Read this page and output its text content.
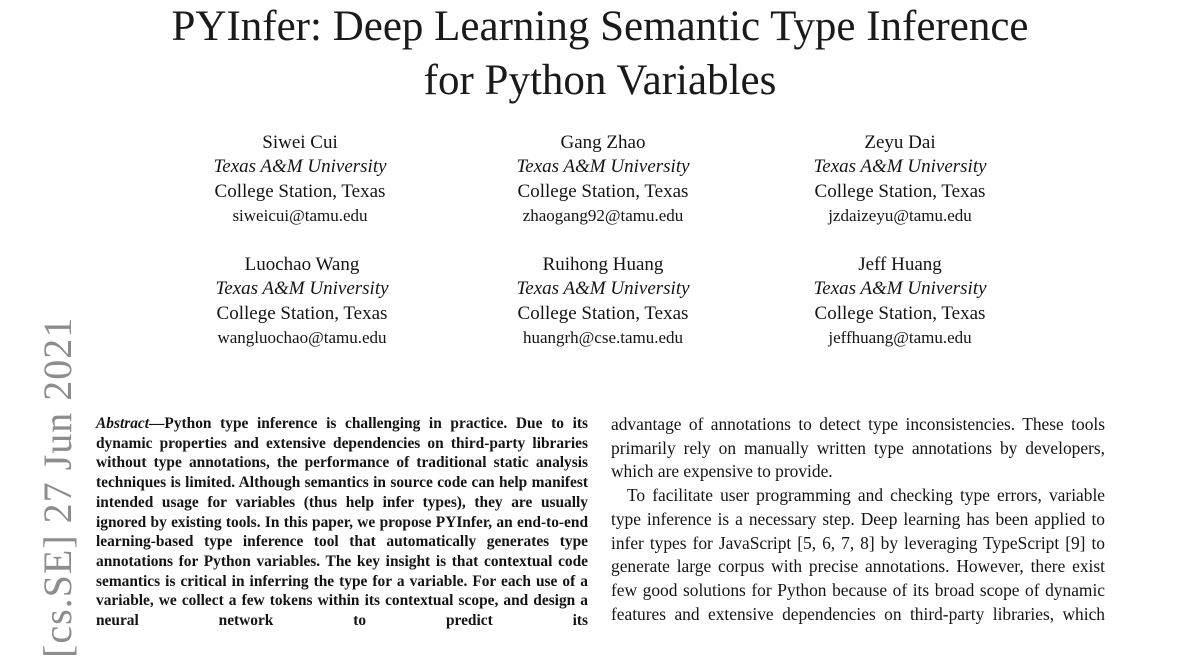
PYInfer: Deep Learning Semantic Type Inference
for Python Variables
Siwei Cui
Texas A&M University
College Station, Texas
siweicui@tamu.edu
Gang Zhao
Texas A&M University
College Station, Texas
zhaogang92@tamu.edu
Zeyu Dai
Texas A&M University
College Station, Texas
jzdaizeyu@tamu.edu
Luochao Wang
Texas A&M University
College Station, Texas
wangluochao@tamu.edu
Ruihong Huang
Texas A&M University
College Station, Texas
huangrh@cse.tamu.edu
Jeff Huang
Texas A&M University
College Station, Texas
jeffhuang@tamu.edu
[cs.SE] 27 Jun 2021 Abstract—Python type inference is challenging in practice. Due to its dynamic properties and extensive dependencies on third-party libraries without type annotations, the performance of traditional static analysis techniques is limited. Although semantics in source code can help manifest intended usage for variables (thus help infer types), they are usually ignored by existing tools. In this paper, we propose PYInfer, an end-to-end learning-based type inference tool that automatically generates type annotations for Python variables. The key insight is that contextual code semantics is critical in inferring the type for a variable. For each use of a variable, we collect a few tokens within its contextual scope, and design a neural network to predict its

advantage of annotations to detect type inconsistencies. These tools primarily rely on manually written type annotations by developers, which are expensive to provide.

To facilitate user programming and checking type errors, variable type inference is a necessary step. Deep learning has been applied to infer types for JavaScript [5, 6, 7, 8] by leveraging TypeScript [9] to generate large corpus with precise annotations. However, there exist few good solutions for Python because of its broad scope of dynamic features and extensive dependencies on third-party libraries, which
